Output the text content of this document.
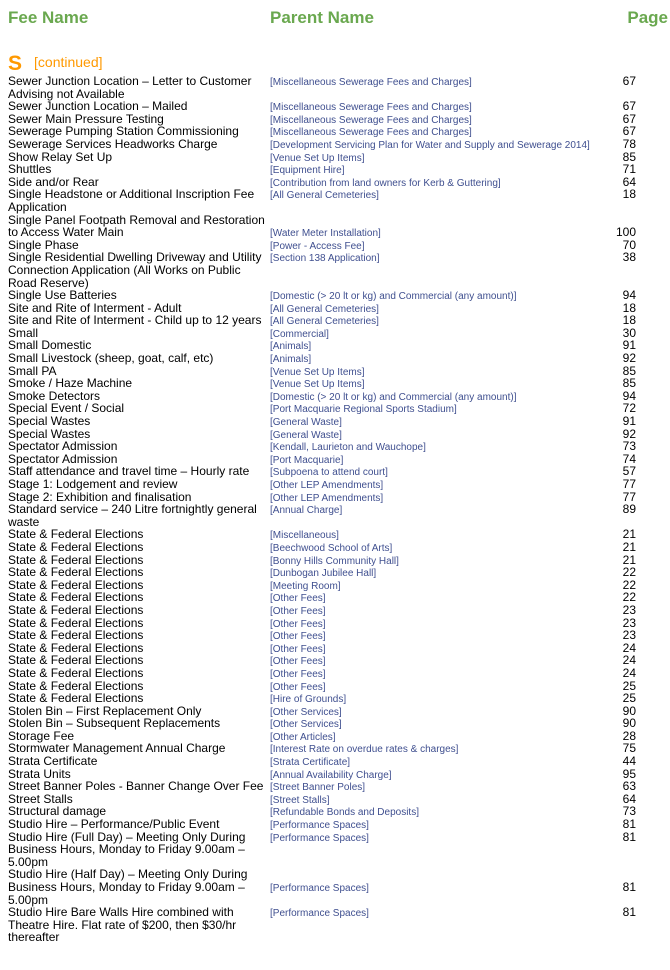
Fee Name	Parent Name	Page
S [continued]
Sewer Junction Location – Letter to Customer Advising not Available
[Miscellaneous Sewerage Fees and Charges]	67
Sewer Junction Location – Mailed	[Miscellaneous Sewerage Fees and Charges]	67
Sewer Main Pressure Testing	[Miscellaneous Sewerage Fees and Charges]	67
Sewerage Pumping Station Commissioning	[Miscellaneous Sewerage Fees and Charges]	67
Sewerage Services Headworks Charge	[Development Servicing Plan for Water and Supply and Sewerage 2014]	78
Show Relay Set Up	[Venue Set Up Items]	85
Shuttles	[Equipment Hire]	71
Side and/or Rear	[Contribution from land owners for Kerb & Guttering]	64
Single Headstone or Additional Inscription Fee Application
[All General Cemeteries]	18
Single Panel Footpath Removal and Restoration to Access Water Main	[Water Meter Installation]	100
Single Phase	[Power - Access Fee]	70
Single Residential Dwelling Driveway and Utility Connection Application (All Works on Public Road Reserve)
[Section 138 Application]	38
Single Use Batteries	[Domestic (> 20 lt or kg) and Commercial (any amount)]	94
Site and Rite of Interment - Adult	[All General Cemeteries]	18
Site and Rite of Interment - Child up to 12 years [All General Cemeteries]	18
Small	[Commercial]	30
Small Domestic	[Animals]	91
Small Livestock (sheep, goat, calf, etc)	[Animals]	92
Small PA	[Venue Set Up Items]	85
Smoke / Haze Machine	[Venue Set Up Items]	85
Smoke Detectors	[Domestic (> 20 lt or kg) and Commercial (any amount)]	94
Special Event / Social	[Port Macquarie Regional Sports Stadium]	72
Special Wastes	[General Waste]	91
Special Wastes	[General Waste]	92
Spectator Admission	[Kendall, Laurieton and Wauchope]	73
Spectator Admission	[Port Macquarie]	74
Staff attendance and travel time – Hourly rate	[Subpoena to attend court]	57
Stage 1: Lodgement and review	[Other LEP Amendments]	77
Stage 2: Exhibition and finalisation	[Other LEP Amendments]	77
Standard service – 240 Litre fortnightly general waste
[Annual Charge]	89
State & Federal Elections	[Miscellaneous]	21
State & Federal Elections	[Beechwood School of Arts]	21
State & Federal Elections	[Bonny Hills Community Hall]	21
State & Federal Elections	[Dunbogan Jubilee Hall]	22
State & Federal Elections	[Meeting Room]	22
State & Federal Elections	[Other Fees]	22
State & Federal Elections	[Other Fees]	23
State & Federal Elections	[Other Fees]	23
State & Federal Elections	[Other Fees]	23
State & Federal Elections	[Other Fees]	24
State & Federal Elections	[Other Fees]	24
State & Federal Elections	[Other Fees]	24
State & Federal Elections	[Other Fees]	25
State & Federal Elections	[Hire of Grounds]	25
Stolen Bin – First Replacement Only	[Other Services]	90
Stolen Bin – Subsequent Replacements	[Other Services]	90
Storage Fee	[Other Articles]	28
Stormwater Management Annual Charge	[Interest Rate on overdue rates & charges]	75
Strata Certificate	[Strata Certificate]	44
Strata Units	[Annual Availability Charge]	95
Street Banner Poles - Banner Change Over Fee [Street Banner Poles]	63
Street Stalls	[Street Stalls]	64
Structural damage	[Refundable Bonds and Deposits]	73
Studio Hire – Performance/Public Event	[Performance Spaces]	81
Studio Hire (Full Day) – Meeting Only During Business Hours, Monday to Friday 9.00am – 5.00pm
[Performance Spaces]	81
Studio Hire (Half Day) – Meeting Only During Business Hours, Monday to Friday 9.00am – 5.00pm
[Performance Spaces]	81
Studio Hire Bare Walls Hire combined with Theatre Hire. Flat rate of $200, then $30/hr thereafter
[Performance Spaces]	81
